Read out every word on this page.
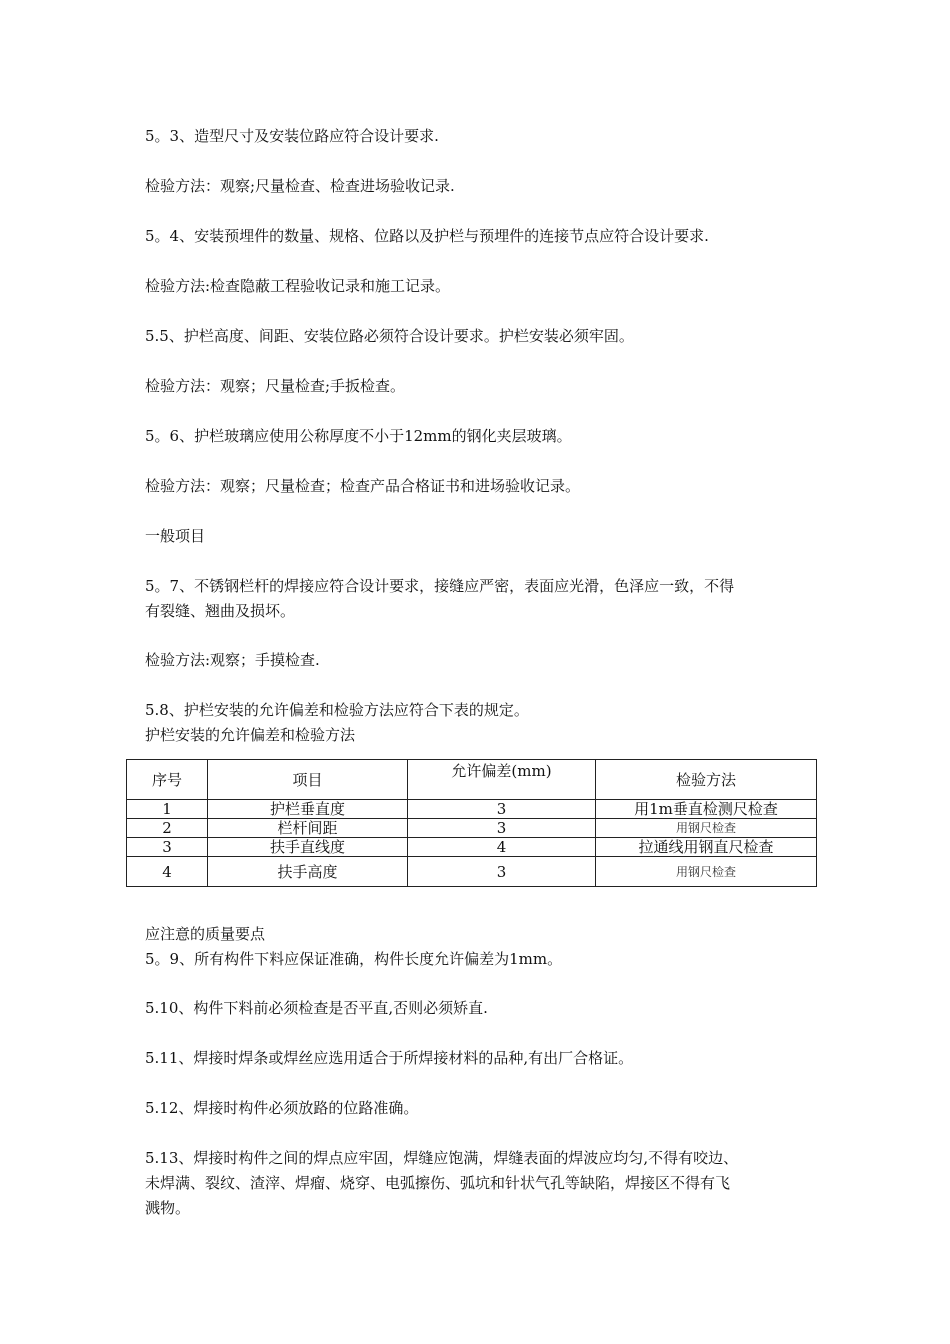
5。3、造型尺寸及安装位路应符合设计要求.

检验方法：观察;尺量检查、检查进场验收记录.

5。4、安装预埋件的数量、规格、位路以及护栏与预埋件的连接节点应符合设计要求.

检验方法:检查隐蔽工程验收记录和施工记录。

5.5、护栏高度、间距、安装位路必须符合设计要求。护栏安装必须牢固。

检验方法：观察；尺量检查;手扳检查。

5。6、护栏玻璃应使用公称厚度不小于12mm的钢化夹层玻璃。

检验方法：观察；尺量检查；检查产品合格证书和进场验收记录。

一般项目

5。7、不锈钢栏杆的焊接应符合设计要求，接缝应严密，表面应光滑，色泽应一致，不得

有裂缝、翘曲及损坏。

检验方法:观察；手摸检查.

5.8、护栏安装的允许偏差和检验方法应符合下表的规定。

护栏安装的允许偏差和检验方法

序号	项目	允许偏差(mm)	检验方法
1	护栏垂直度	3	用1m垂直检测尺检查
2	栏杆间距	3	用钢尺检查
3	扶手直线度	4	拉通线用钢直尺检查
4	扶手高度	3	用钢尺检查

应注意的质量要点

5。9、所有构件下料应保证准确，构件长度允许偏差为1mm。

5.10、构件下料前必须检查是否平直,否则必须矫直.

5.11、焊接时焊条或焊丝应选用适合于所焊接材料的品种,有出厂合格证。

5.12、焊接时构件必须放路的位路准确。

5.13、焊接时构件之间的焊点应牢固，焊缝应饱满，焊缝表面的焊波应均匀,不得有咬边、

未焊满、裂纹、渣滓、焊瘤、烧穿、电弧擦伤、弧坑和针状气孔等缺陷，焊接区不得有飞

溅物。
